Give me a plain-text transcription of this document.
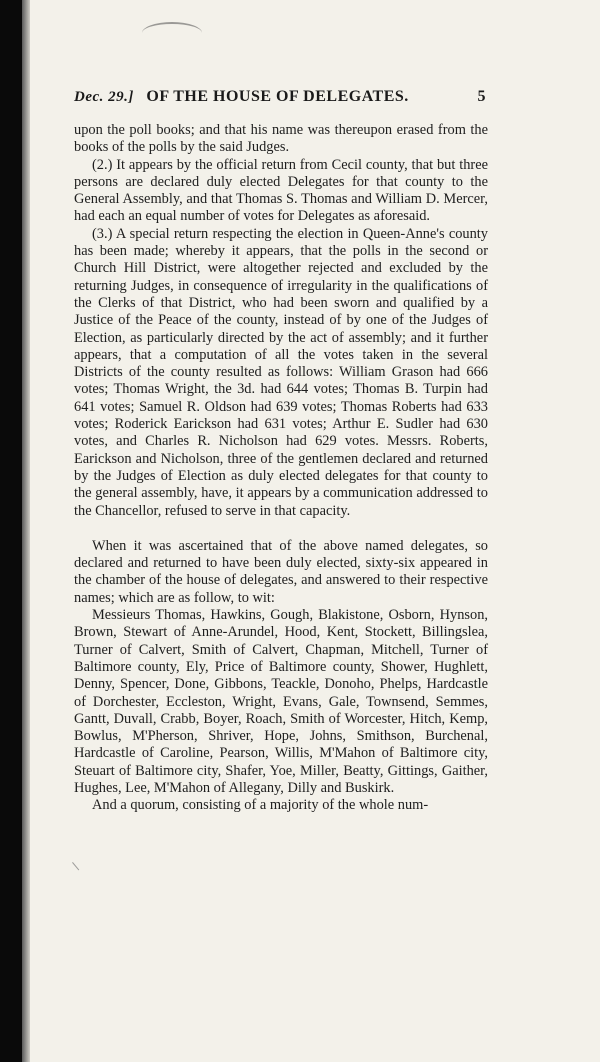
Dec. 29.] OF THE HOUSE OF DELEGATES.	5

upon the poll books; and that his name was thereupon erased from the books of the polls by the said Judges.

(2.) It appears by the official return from Cecil county, that but three persons are declared duly elected Delegates for that county to the General Assembly, and that Thomas S. Thomas and William D. Mercer, had each an equal number of votes for Delegates as aforesaid.

(3.) A special return respecting the election in Queen-Anne's county has been made; whereby it appears, that the polls in the second or Church Hill District, were altogether rejected and excluded by the returning Judges, in consequence of irregularity in the qualifications of the Clerks of that District, who had been sworn and qualified by a Justice of the Peace of the county, instead of by one of the Judges of Election, as particularly directed by the act of assembly; and it further appears, that a computation of all the votes taken in the several Districts of the county resulted as follows: William Grason had 666 votes; Thomas Wright, the 3d. had 644 votes; Thomas B. Turpin had 641 votes; Samuel R. Oldson had 639 votes; Thomas Roberts had 633 votes; Roderick Earickson had 631 votes; Arthur E. Sudler had 630 votes, and Charles R. Nicholson had 629 votes. Messrs. Roberts, Earickson and Nicholson, three of the gentlemen declared and returned by the Judges of Election as duly elected delegates for that county to the general assembly, have, it appears by a communication addressed to the Chancellor, refused to serve in that capacity.

When it was ascertained that of the above named delegates, so declared and returned to have been duly elected, sixty-six appeared in the chamber of the house of delegates, and answered to their respective names; which are as follow, to wit:

Messieurs Thomas, Hawkins, Gough, Blakistone, Osborn, Hynson, Brown, Stewart of Anne-Arundel, Hood, Kent, Stockett, Billingslea, Turner of Calvert, Smith of Calvert, Chapman, Mitchell, Turner of Baltimore county, Ely, Price of Baltimore county, Shower, Hughlett, Denny, Spencer, Done, Gibbons, Teackle, Donoho, Phelps, Hardcastle of Dorchester, Eccleston, Wright, Evans, Gale, Townsend, Semmes, Gantt, Duvall, Crabb, Boyer, Roach, Smith of Worcester, Hitch, Kemp, Bowlus, M'Pherson, Shriver, Hope, Johns, Smithson, Burchenal, Hardcastle of Caroline, Pearson, Willis, M'Mahon of Baltimore city, Steuart of Baltimore city, Shafer, Yoe, Miller, Beatty, Gittings, Gaither, Hughes, Lee, M'Mahon of Allegany, Dilly and Buskirk.

And a quorum, consisting of a majority of the whole num-
